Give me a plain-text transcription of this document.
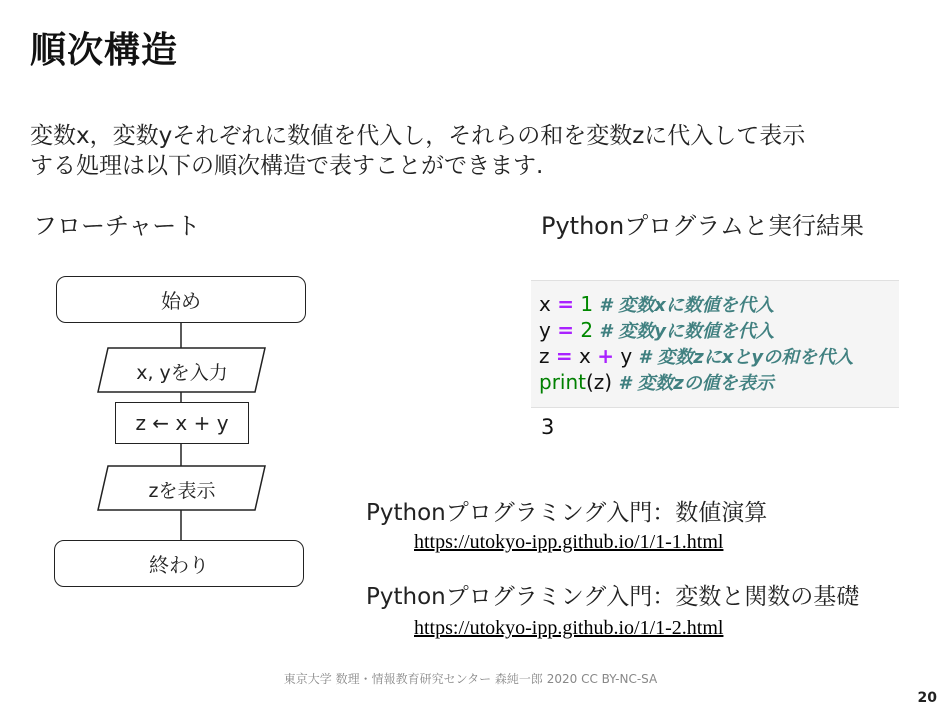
順次構造
変数x，変数yそれぞれに数値を代入し，それらの和を変数zに代入して表示
する処理は以下の順次構造で表すことができます.
フローチャート	Pythonプログラムと実行結果
始め
x, yを入力
z ← x + y
zを表示
終わり
x = 1 # 変数xに数値を代入
y = 2 # 変数yに数値を代入
z = x + y # 変数zにxとyの和を代入
print(z) # 変数zの値を表示
3
Pythonプログラミング入門：数値演算
https://utokyo-ipp.github.io/1/1-1.html
Pythonプログラミング入門：変数と関数の基礎
https://utokyo-ipp.github.io/1/1-2.html
東京大学 数理・情報教育研究センター 森純一郎 2020 CC BY-NC-SA
20
